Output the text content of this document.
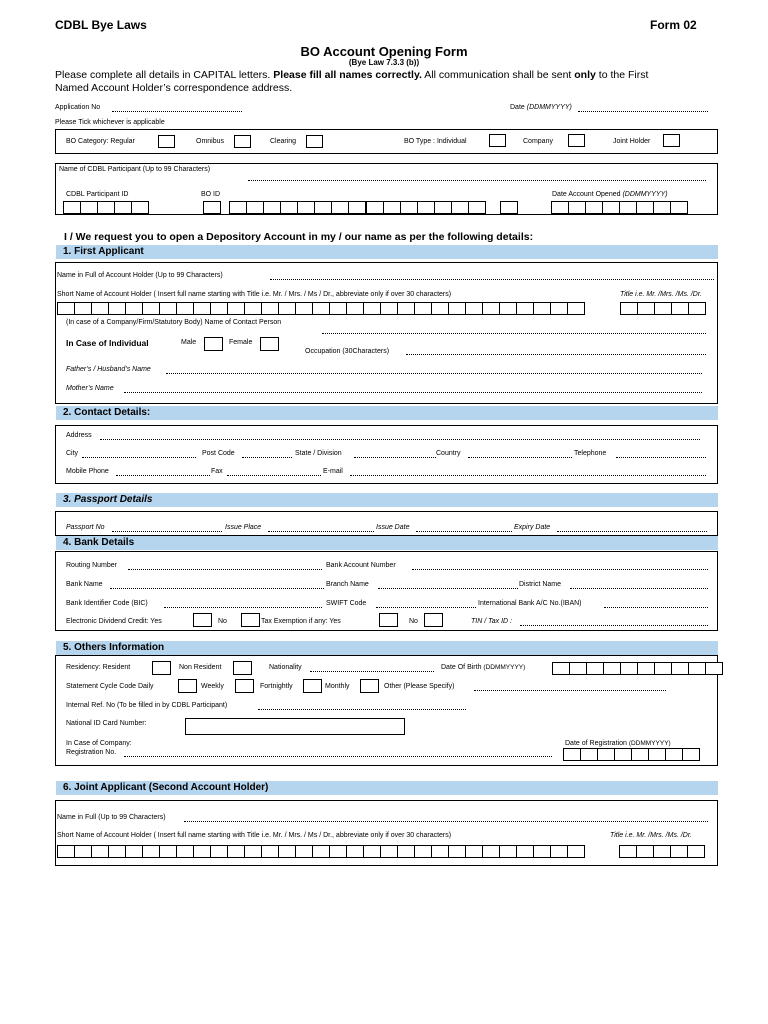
CDBL Bye Laws	Form 02
BO Account Opening Form
(Bye Law 7.3.3 (b))
Please complete all details in CAPITAL letters. Please fill all names correctly. All communication shall be sent only to the First
Named Account Holder’s correspondence address.
Application No	Date (DDMMYYYY)
Please Tick whichever is applicable
BO Category: Regular	Omnibus	Clearing	BO Type : Individual	Company	Joint Holder
Name of CDBL Participant (Up to 99 Characters)
CDBL Participant ID	BO ID	Date Account Opened (DDMMYYYY)
I / We request you to open a Depository Account in my / our name as per the following details:
1. First Applicant
Name in Full of Account Holder (Up to 99 Characters)
Short Name of Account Holder ( Insert full name starting with Title i.e. Mr. / Mrs. / Ms / Dr., abbreviate only if over 30 characters)	Title i.e. Mr. /Mrs. /Ms. /Dr.
(In case of a Company/Firm/Statutory Body) Name of Contact Person
In Case of Individual	Male	Female
Occupation (30Characters)
Father’s / Husband’s Name
Mother’s Name
2. Contact Details:
Address
City	Post Code	State / Division	Country	Telephone
Mobile Phone	Fax	E-mail
3. Passport Details
Passport No	Issue Place	Issue Date	Expiry Date
4. Bank Details
Routing Number	Bank Account Number
Bank Name	Branch Name	District Name
Bank Identifier Code (BIC)	SWIFT Code	International Bank A/C No.(IBAN)
Electronic Dividend Credit: Yes	No	Tax Exemption if any: Yes	No	TIN / Tax ID :
5. Others Information
Residency: Resident	Non Resident	Nationality	Date Of Birth (DDMMYYYY)
Statement Cycle Code Daily	Weekly	Fortnightly	Monthly	Other (Please Specify)
Internal Ref. No (To be filled in by CDBL Participant)
National ID Card Number:
In Case of Company:
Registration No.
Date of Registration (DDMMYYYY)
6. Joint Applicant (Second Account Holder)
Name in Full (Up to 99 Characters)
Short Name of Account Holder ( Insert full name starting with Title i.e. Mr. / Mrs. / Ms / Dr., abbreviate only if over 30 characters)	Title i.e. Mr. /Mrs. /Ms. /Dr.
